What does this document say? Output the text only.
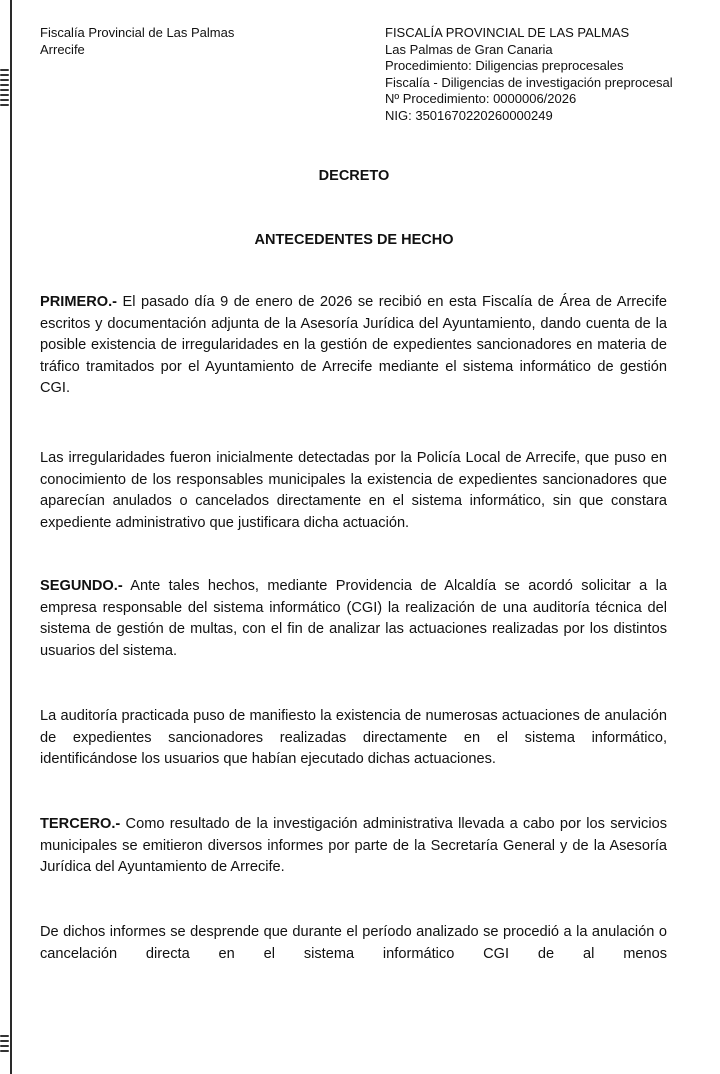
Fiscalía Provincial de Las Palmas
Arrecife
FISCALÍA PROVINCIAL DE LAS PALMAS
Las Palmas de Gran Canaria
Procedimiento: Diligencias preprocesales
Fiscalía - Diligencias de investigación preprocesal
Nº Procedimiento: 0000006/2026
NIG: 3501670220260000249
DECRETO
ANTECEDENTES DE HECHO
PRIMERO.- El pasado día 9 de enero de 2026 se recibió en esta Fiscalía de Área de Arrecife escritos y documentación adjunta de la Asesoría Jurídica del Ayuntamiento, dando cuenta de la posible existencia de irregularidades en la gestión de expedientes sancionadores en materia de tráfico tramitados por el Ayuntamiento de Arrecife mediante el sistema informático de gestión CGI.
Las irregularidades fueron inicialmente detectadas por la Policía Local de Arrecife, que puso en conocimiento de los responsables municipales la existencia de expedientes sancionadores que aparecían anulados o cancelados directamente en el sistema informático, sin que constara expediente administrativo que justificara dicha actuación.
SEGUNDO.- Ante tales hechos, mediante Providencia de Alcaldía se acordó solicitar a la empresa responsable del sistema informático (CGI) la realización de una auditoría técnica del sistema de gestión de multas, con el fin de analizar las actuaciones realizadas por los distintos usuarios del sistema.
La auditoría practicada puso de manifiesto la existencia de numerosas actuaciones de anulación de expedientes sancionadores realizadas directamente en el sistema informático, identificándose los usuarios que habían ejecutado dichas actuaciones.
TERCERO.- Como resultado de la investigación administrativa llevada a cabo por los servicios municipales se emitieron diversos informes por parte de la Secretaría General y de la Asesoría Jurídica del Ayuntamiento de Arrecife.
De dichos informes se desprende que durante el período analizado se procedió a la anulación o cancelación directa en el sistema informático CGI de al menos
